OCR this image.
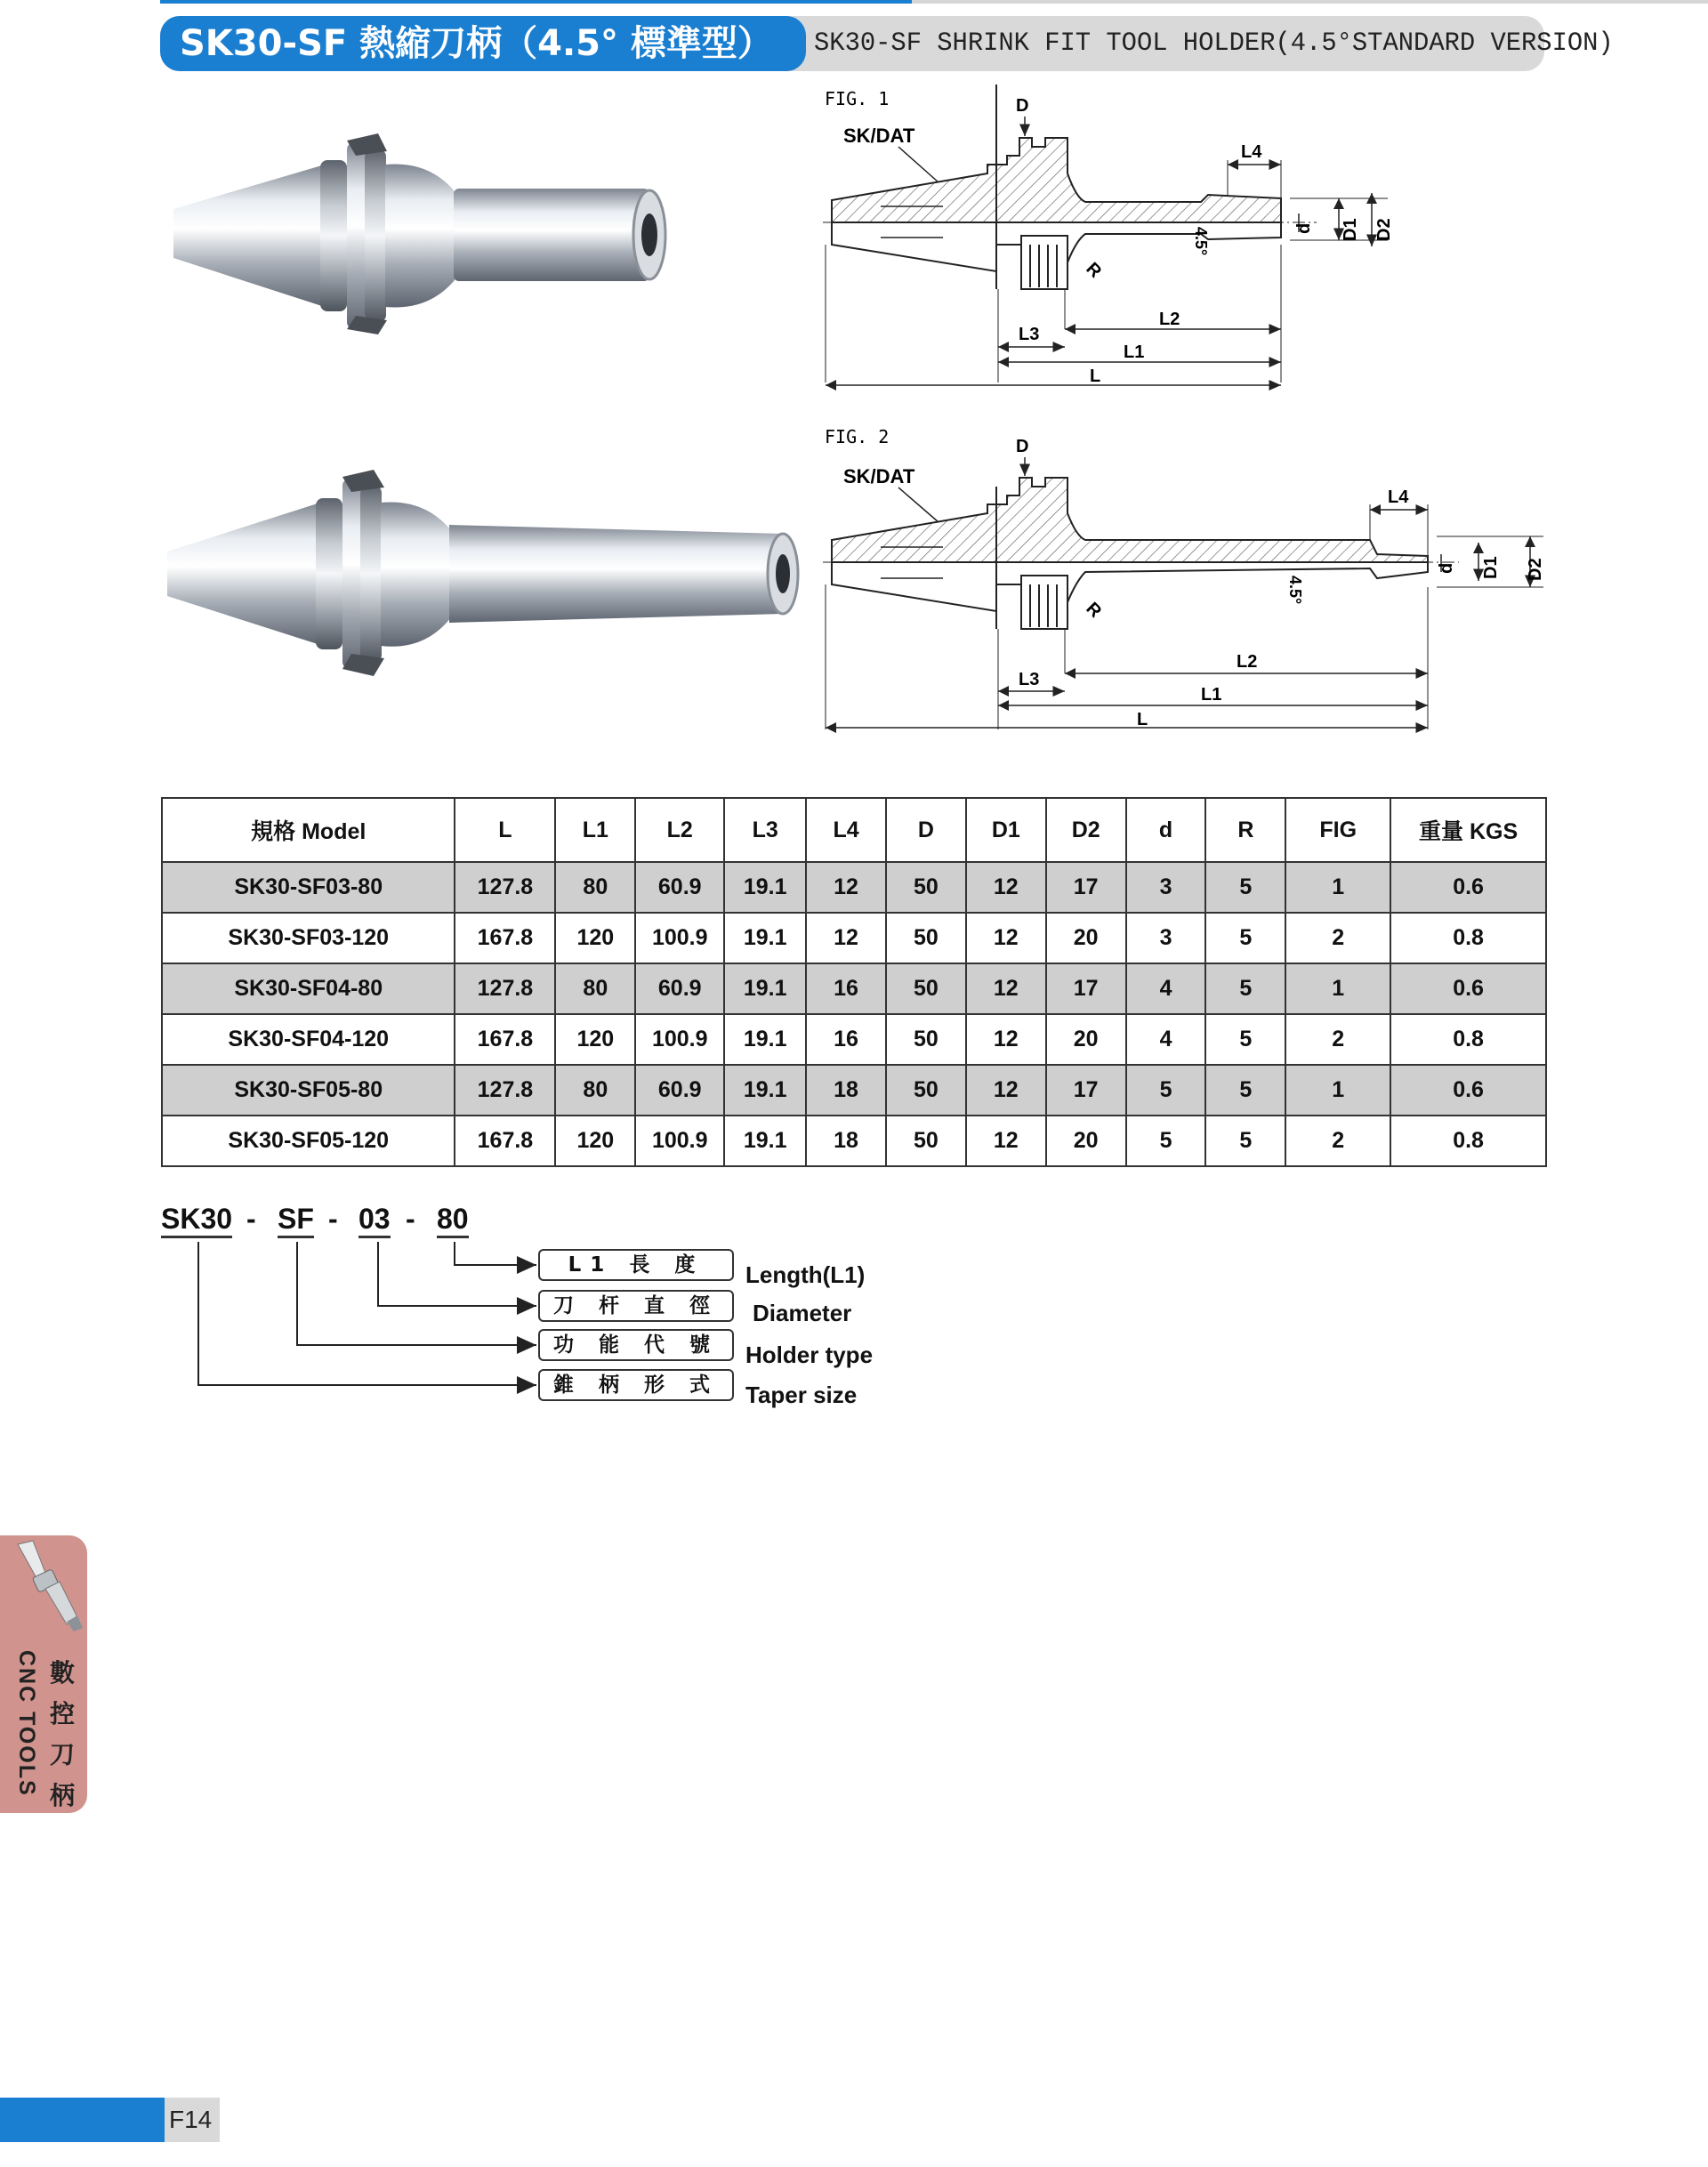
SK30-SF 熱縮刀柄（4.5° 標準型）	SK30-SF SHRINK FIT TOOL HOLDER(4.5°STANDARD VERSION)
FIG. 1
SK/DAT
D
L4
d D1 D2
4.5°
R
L3
L2
L1
L
FIG. 2
SK/DAT
D
L4
d D1 D2
4.5°
R
L3
L2
L1
L
規格 Model	L	L1	L2	L3	L4	D	D1	D2	d	R	FIG	重量 KGS
SK30-SF03-80	127.8	80	60.9	19.1	12	50	12	17	3	5	1	0.6
SK30-SF03-120	167.8	120	100.9	19.1	12	50	12	20	3	5	2	0.8
SK30-SF04-80	127.8	80	60.9	19.1	16	50	12	17	4	5	1	0.6
SK30-SF04-120	167.8	120	100.9	19.1	16	50	12	20	4	5	2	0.8
SK30-SF05-80	127.8	80	60.9	19.1	18	50	12	17	5	5	1	0.6
SK30-SF05-120	167.8	120	100.9	19.1	18	50	12	20	5	5	2	0.8
SK30 - SF - 03 - 80
L1 長 度	Length(L1)
刀 杆 直 徑	Diameter
功 能 代 號	Holder type
錐 柄 形 式	Taper size
數
控
刀
柄
CNC TOOLS
F14
